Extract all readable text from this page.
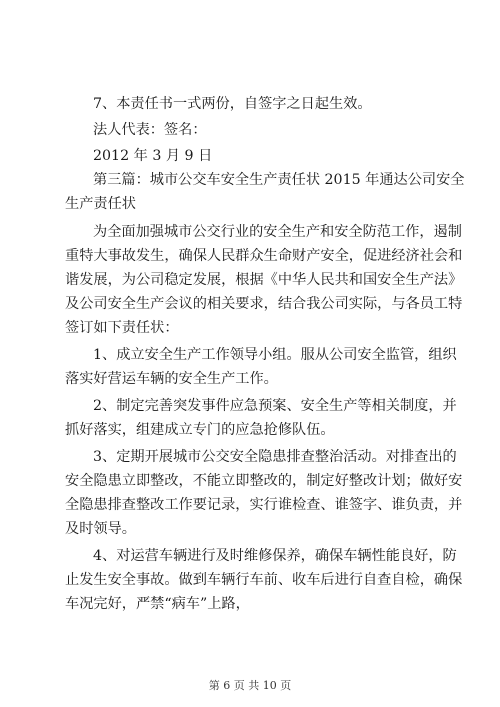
7、本责任书一式两份，自签字之日起生效。
法人代表：签名：
2012 年 3 月 9 日
第三篇：城市公交车安全生产责任状 2015 年通达公司安全
生产责任状
为全面加强城市公交行业的安全生产和安全防范工作，遏制
重特大事故发生，确保人民群众生命财产安全，促进经济社会和
谐发展，为公司稳定发展，根据《中华人民共和国安全生产法》
及公司安全生产会议的相关要求，结合我公司实际，与各员工特
签订如下责任状：
1、成立安全生产工作领导小组。服从公司安全监管，组织
落实好营运车辆的安全生产工作。
2、制定完善突发事件应急预案、安全生产等相关制度，并
抓好落实，组建成立专门的应急抢修队伍。
3、定期开展城市公交安全隐患排查整治活动。对排查出的
安全隐患立即整改，不能立即整改的，制定好整改计划；做好安
全隐患排查整改工作要记录，实行谁检查、谁签字、谁负责，并
及时领导。
4、对运营车辆进行及时维修保养，确保车辆性能良好，防
止发生安全事故。做到车辆行车前、收车后进行自查自检，确保
车况完好，严禁“病车”上路，
第 6 页 共 10 页
